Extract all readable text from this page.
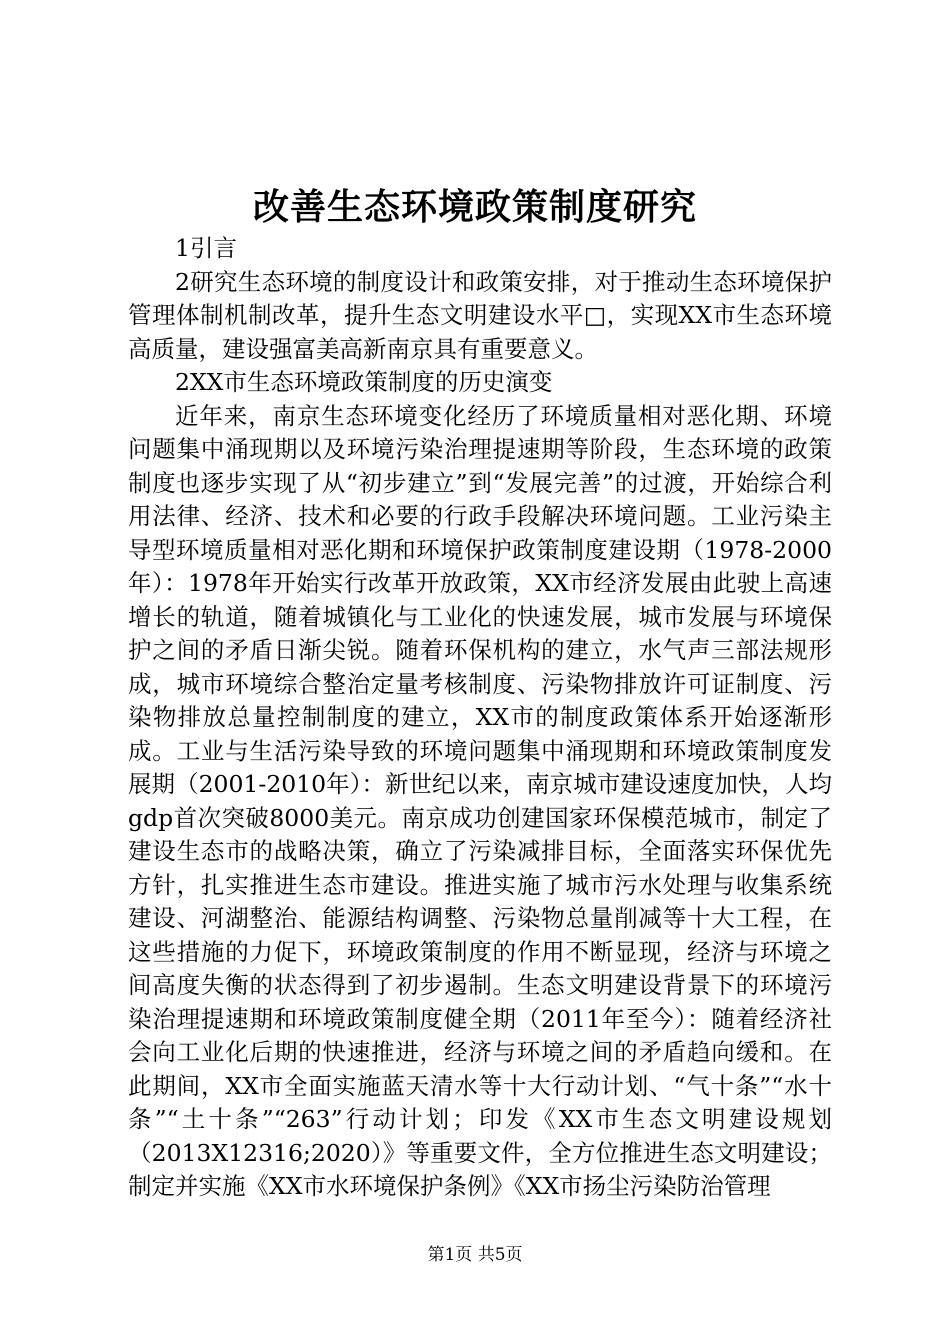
改善生态环境政策制度研究

1引言

2研究生态环境的制度设计和政策安排，对于推动生态环境保护管理体制机制改革，提升生态文明建设水平□，实现XX市生态环境高质量，建设强富美高新南京具有重要意义。

2XX市生态环境政策制度的历史演变

近年来，南京生态环境变化经历了环境质量相对恶化期、环境问题集中涌现期以及环境污染治理提速期等阶段，生态环境的政策制度也逐步实现了从“初步建立”到“发展完善”的过渡，开始综合利用法律、经济、技术和必要的行政手段解决环境问题。工业污染主导型环境质量相对恶化期和环境保护政策制度建设期（1978-2000年）：1978年开始实行改革开放政策，XX市经济发展由此驶上高速增长的轨道，随着城镇化与工业化的快速发展，城市发展与环境保护之间的矛盾日渐尖锐。随着环保机构的建立，水气声三部法规形成，城市环境综合整治定量考核制度、污染物排放许可证制度、污染物排放总量控制制度的建立，XX市的制度政策体系开始逐渐形成。工业与生活污染导致的环境问题集中涌现期和环境政策制度发展期（2001-2010年）：新世纪以来，南京城市建设速度加快，人均gdp首次突破8000美元。南京成功创建国家环保模范城市，制定了建设生态市的战略决策，确立了污染减排目标，全面落实环保优先方针，扎实推进生态市建设。推进实施了城市污水处理与收集系统建设、河湖整治、能源结构调整、污染物总量削减等十大工程，在这些措施的力促下，环境政策制度的作用不断显现，经济与环境之间高度失衡的状态得到了初步遏制。生态文明建设背景下的环境污染治理提速期和环境政策制度健全期（2011年至今）：随着经济社会向工业化后期的快速推进，经济与环境之间的矛盾趋向缓和。在此期间，XX市全面实施蓝天清水等十大行动计划、“气十条”“水十条”“土十条”“263”行动计划；印发《XX市生态文明建设规划（2013X12316;2020）》等重要文件，全方位推进生态文明建设；制定并实施《XX市水环境保护条例》《XX市扬尘污染防治管理

第1页 共5页
